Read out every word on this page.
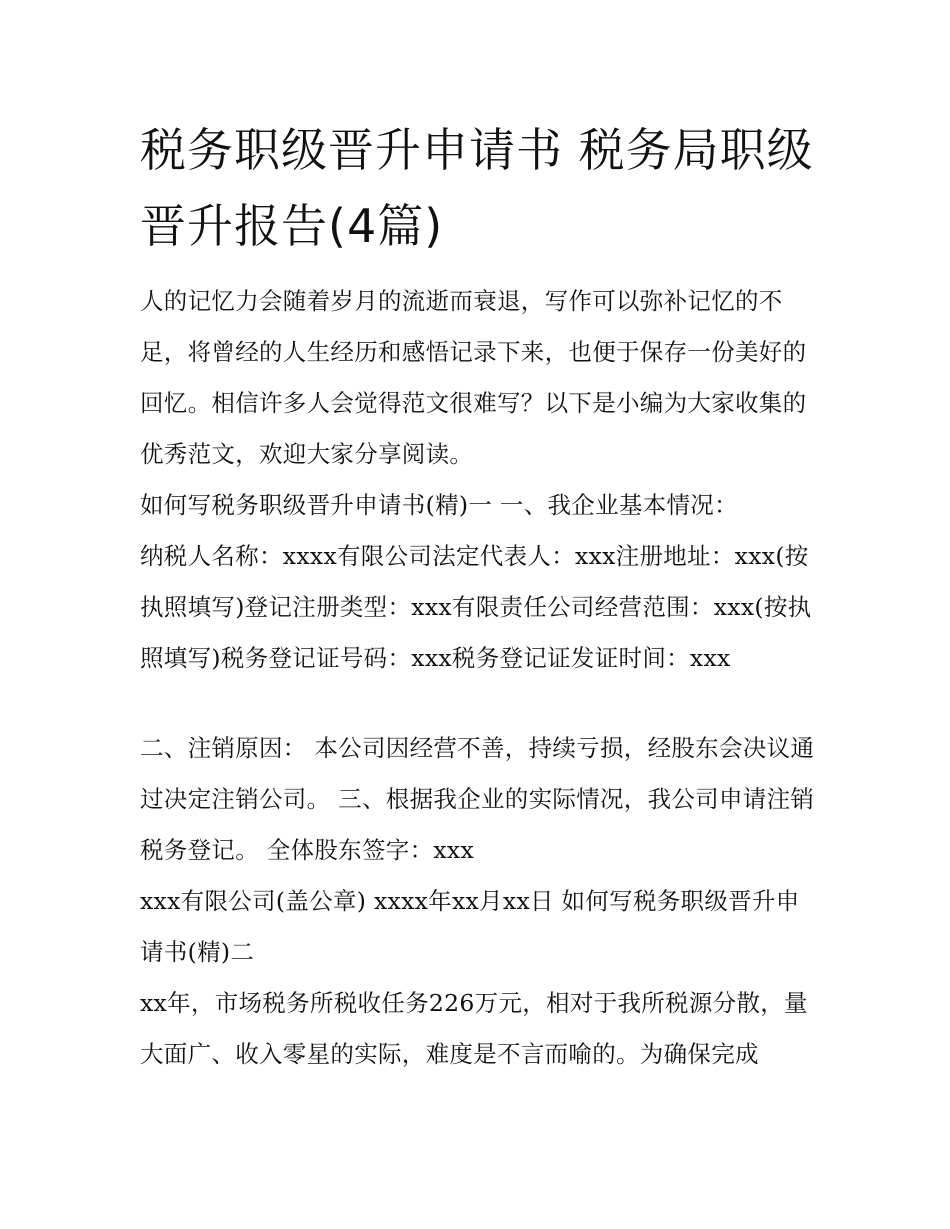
税务职级晋升申请书 税务局职级晋升报告(4篇)

人的记忆力会随着岁月的流逝而衰退，写作可以弥补记忆的不足，将曾经的人生经历和感悟记录下来，也便于保存一份美好的回忆。相信许多人会觉得范文很难写？以下是小编为大家收集的优秀范文，欢迎大家分享阅读。

如何写税务职级晋升申请书(精)一 一、我企业基本情况：

纳税人名称：xxxx有限公司法定代表人：xxx注册地址：xxx(按执照填写)登记注册类型：xxx有限责任公司经营范围：xxx(按执照填写)税务登记证号码：xxx税务登记证发证时间：xxx

二、注销原因： 本公司因经营不善，持续亏损，经股东会决议通过决定注销公司。 三、根据我企业的实际情况，我公司申请注销税务登记。 全体股东签字：xxx

xxx有限公司(盖公章) xxxx年xx月xx日 如何写税务职级晋升申请书(精)二

xx年，市场税务所税收任务226万元，相对于我所税源分散，量大面广、收入零星的实际，难度是不言而喻的。为确保完成
